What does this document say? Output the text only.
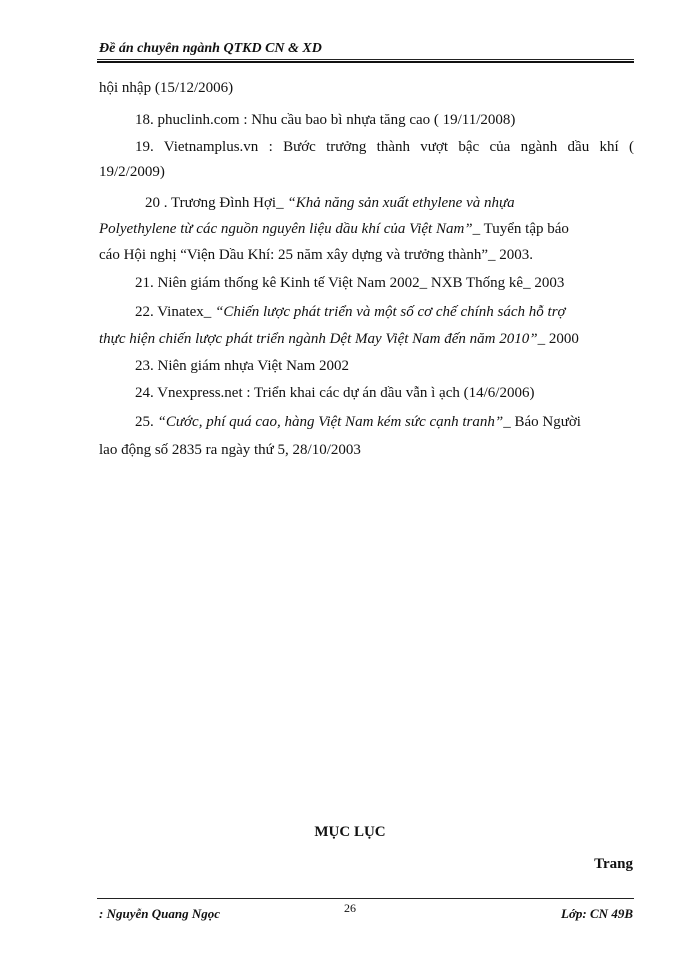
Đề án chuyên ngành QTKD CN & XD
hội nhập (15/12/2006)
18. phuclinh.com : Nhu cầu bao bì nhựa tăng cao ( 19/11/2008)
19. Vietnamplus.vn : Bước trưởng thành vượt bậc của ngành dầu khí (
19/2/2009)
20 . Trương Đình Hợi_ “Khả năng sản xuất ethylene và nhựa
Polyethylene từ các nguồn nguyên liệu dầu khí của Việt Nam”_ Tuyển tập báo
cáo Hội nghị “Viện Dầu Khí: 25 năm xây dựng và trưởng thành”_ 2003.
21. Niên giám thống kê Kinh tế Việt Nam 2002_ NXB Thống kê_ 2003
22. Vinatex_ “Chiến lược phát triển và một số cơ chế chính sách hỗ trợ
thực hiện chiến lược phát triển ngành Dệt May Việt Nam đến năm 2010”_ 2000
23. Niên giám nhựa Việt Nam 2002
24. Vnexpress.net : Triển khai các dự án dầu vẫn ì ạch (14/6/2006)
25. “Cước, phí quá cao, hàng Việt Nam kém sức cạnh tranh”_ Báo Người
lao động số 2835 ra ngày thứ 5, 28/10/2003
MỤC LỤC
Trang
: Nguyễn Quang Ngọc	26	Lớp: CN 49B
